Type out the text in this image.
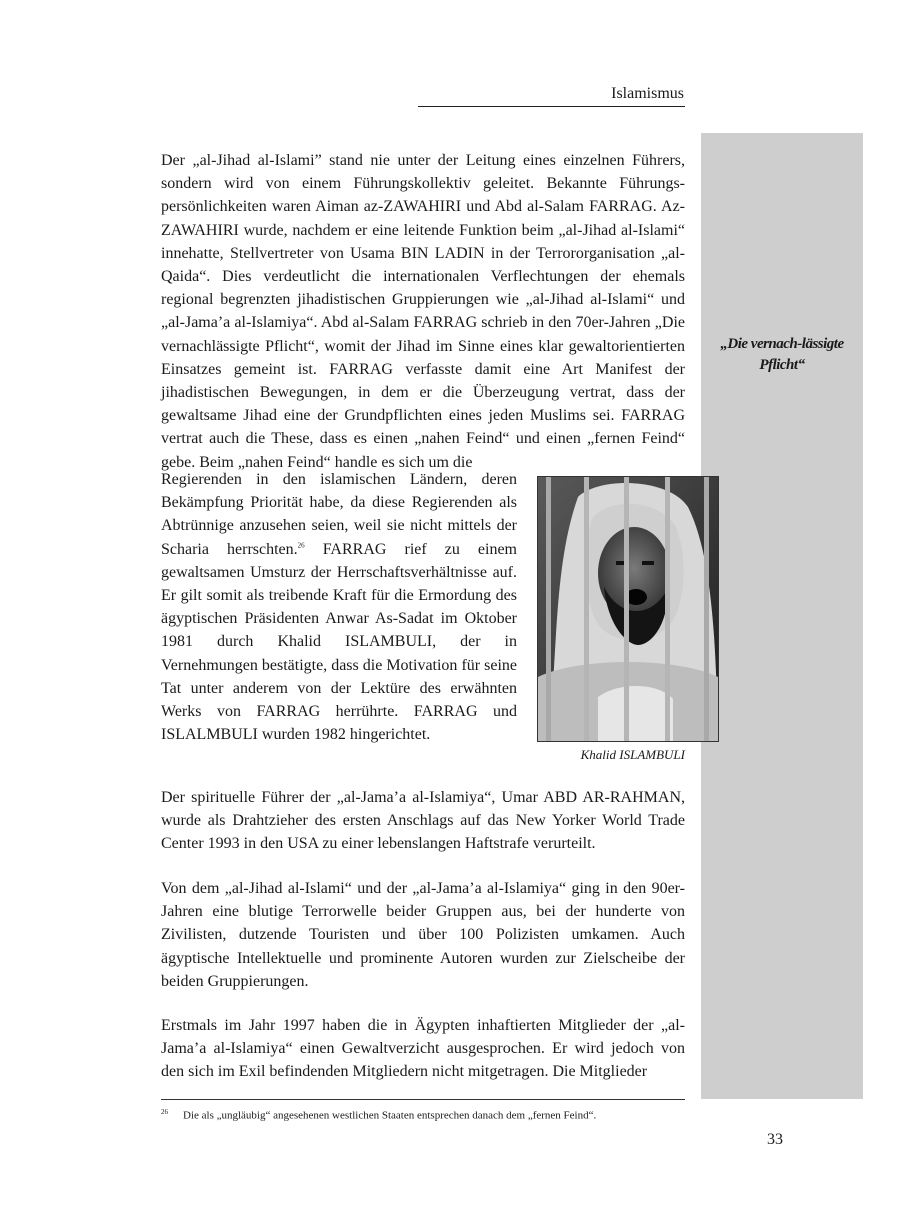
Islamismus
„Die vernach-lässigte Pflicht“

Der „al-Jihad al-Islami” stand nie unter der Leitung eines einzelnen Führers, sondern wird von einem Führungskollektiv geleitet. Bekannte Führungspersönlichkeiten waren Aiman az-ZAWAHIRI und Abd al-Salam FARRAG. Az-ZAWAHIRI wurde, nachdem er eine leitende Funktion beim „al-Jihad al-Islami“ innehatte, Stellvertreter von Usama BIN LADIN in der Terrororganisation „al-Qaida“. Dies verdeutlicht die internationalen Verflechtungen der ehemals regional begrenzten jihadistischen Gruppierungen wie „al-Jihad al-Islami“ und „al-Jama’a al-Islamiya“. Abd al-Salam FARRAG schrieb in den 70er-Jahren „Die vernachlässigte Pflicht“, womit der Jihad im Sinne eines klar gewaltorientierten Einsatzes gemeint ist. FARRAG verfasste damit eine Art Manifest der jihadistischen Bewegungen, in dem er die Überzeugung vertrat, dass der gewaltsame Jihad eine der Grundpflichten eines jeden Muslims sei. FARRAG vertrat auch die These, dass es einen „nahen Feind“ und einen „fernen Feind“ gebe. Beim „nahen Feind“ handle es sich um die

Regierenden in den islamischen Ländern, deren Bekämpfung Priorität habe, da diese Regierenden als Abtrünnige anzusehen seien, weil sie nicht mittels der Scharia herrschten.$^{26}$ FARRAG rief zu einem gewaltsamen Umsturz der Herrschaftsverhältnisse auf. Er gilt somit als treibende Kraft für die Ermordung des ägyptischen Präsidenten Anwar As-Sadat im Oktober 1981 durch Khalid ISLAMBULI, der in Vernehmungen bestätigte, dass die Motivation für seine Tat unter anderem von der Lektüre des erwähnten Werks von FARRAG herrührte. FARRAG und ISLALMBULI wurden 1982 hingerichtet.

Khalid ISLAMBULI

Der spirituelle Führer der „al-Jama’a al-Islamiya“, Umar ABD AR-RAHMAN, wurde als Drahtzieher des ersten Anschlags auf das New Yorker World Trade Center 1993 in den USA zu einer lebenslangen Haftstrafe verurteilt.

Von dem „al-Jihad al-Islami“ und der „al-Jama’a al-Islamiya“ ging in den 90er-Jahren eine blutige Terrorwelle beider Gruppen aus, bei der hunderte von Zivilisten, dutzende Touristen und über 100 Polizisten umkamen. Auch ägyptische Intellektuelle und prominente Autoren wurden zur Zielscheibe der beiden Gruppierungen.

Erstmals im Jahr 1997 haben die in Ägypten inhaftierten Mitglieder der „al-Jama’a al-Islamiya“ einen Gewaltverzicht ausgesprochen. Er wird jedoch von den sich im Exil befindenden Mitgliedern nicht mitgetragen. Die Mitglieder

26 Die als „ungläubig“ angesehenen westlichen Staaten entsprechen danach dem „fernen Feind“.
33
